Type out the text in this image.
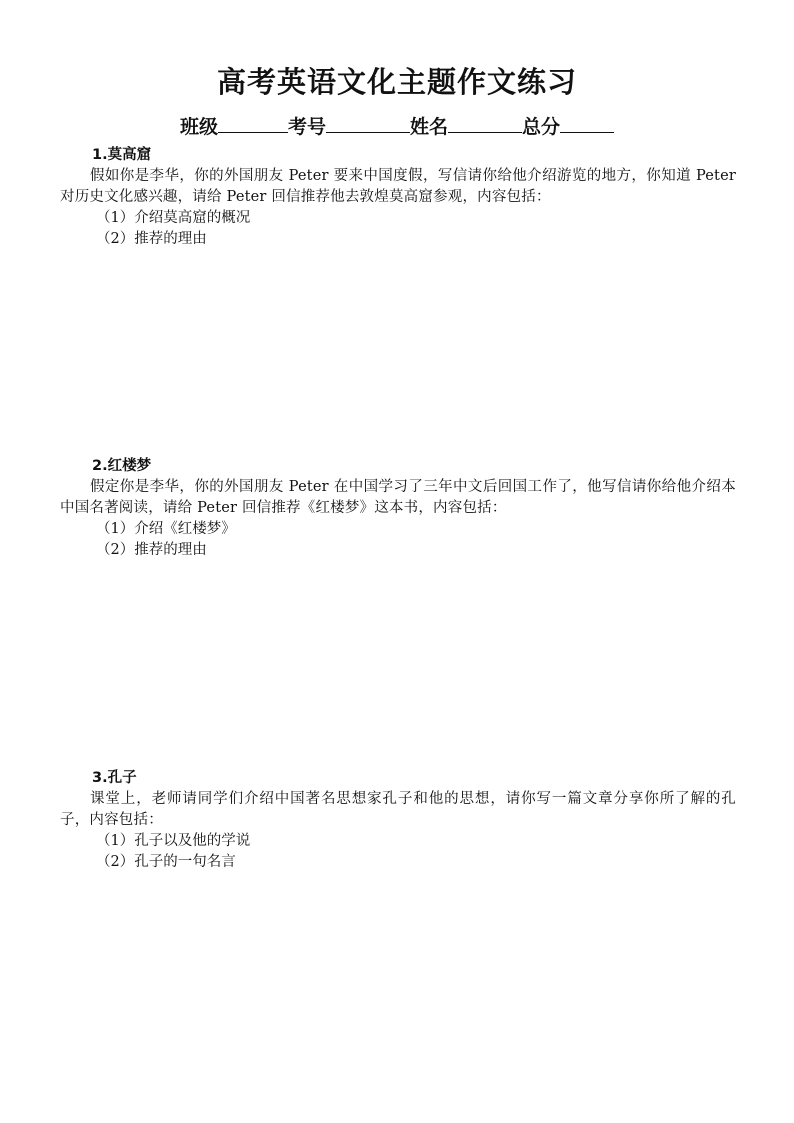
高考英语文化主题作文练习
班级	考号	姓名	总分
1.莫高窟
假如你是李华，你的外国朋友 Peter 要来中国度假，写信请你给他介绍游览的地方，你知道 Peter 对历史文化感兴趣，请给 Peter 回信推荐他去敦煌莫高窟参观，内容包括：
（1）介绍莫高窟的概况
（2）推荐的理由
2.红楼梦
假定你是李华，你的外国朋友 Peter 在中国学习了三年中文后回国工作了，他写信请你给他介绍本中国名著阅读，请给 Peter 回信推荐《红楼梦》这本书，内容包括：
（1）介绍《红楼梦》
（2）推荐的理由
3.孔子
课堂上，老师请同学们介绍中国著名思想家孔子和他的思想，请你写一篇文章分享你所了解的孔子，内容包括：
（1）孔子以及他的学说
（2）孔子的一句名言
